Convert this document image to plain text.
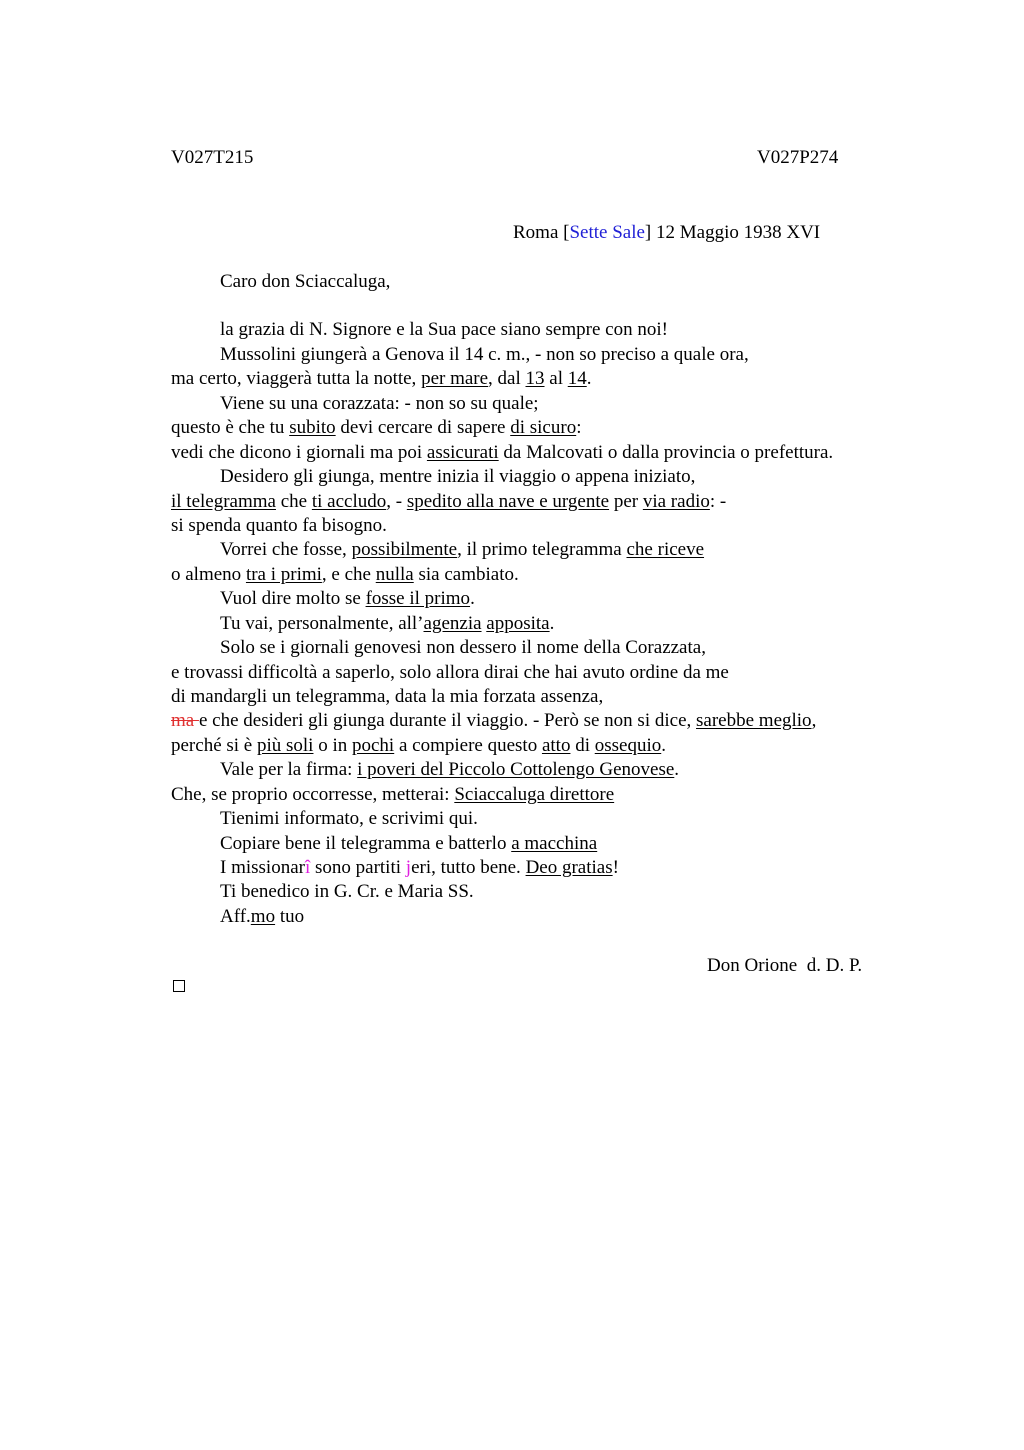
V027T215	V027P274
Roma [Sette Sale] 12 Maggio 1938 XVI
Caro don Sciaccaluga,
la grazia di N. Signore e la Sua pace siano sempre con noi!
Mussolini giungerà a Genova il 14 c. m., - non so preciso a quale ora,
ma certo, viaggerà tutta la notte, per mare, dal 13 al 14.
Viene su una corazzata: - non so su quale;
questo è che tu subito devi cercare di sapere di sicuro:
vedi che dicono i giornali ma poi assicurati da Malcovati o dalla provincia o prefettura.
Desidero gli giunga, mentre inizia il viaggio o appena iniziato,
il telegramma che ti accludo, - spedito alla nave e urgente per via radio: -
si spenda quanto fa bisogno.
Vorrei che fosse, possibilmente, il primo telegramma che riceve
o almeno tra i primi, e che nulla sia cambiato.
Vuol dire molto se fosse il primo.
Tu vai, personalmente, all’agenzia apposita.
Solo se i giornali genovesi non dessero il nome della Corazzata,
e trovassi difficoltà a saperlo, solo allora dirai che hai avuto ordine da me
di mandargli un telegramma, data la mia forzata assenza,
ma e che desideri gli giunga durante il viaggio. - Però se non si dice, sarebbe meglio,
perché si è più soli o in pochi a compiere questo atto di ossequio.
Vale per la firma: i poveri del Piccolo Cottolengo Genovese.
Che, se proprio occorresse, metterai: Sciaccaluga direttore
Tienimi informato, e scrivimi qui.
Copiare bene il telegramma e batterlo a macchina
I missionarî sono partiti jeri, tutto bene. Deo gratias!
Ti benedico in G. Cr. e Maria SS.
Aff.mo tuo
Don Orione  d. D. P.
